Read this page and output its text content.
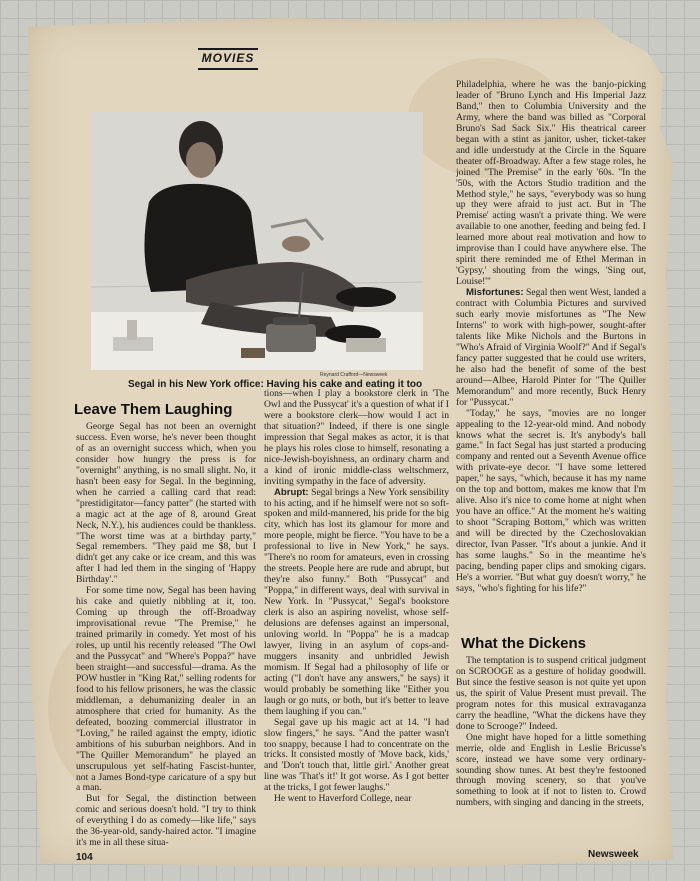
MOVIES
Reynard Crafford—Newsweek
Segal in his New York office: Having his cake and eating it too
Leave Them Laughing

George Segal has not been an overnight success. Even worse, he's never been thought of as an overnight success which, when you consider how hungry the press is for "overnight" anything, is no small slight. No, it hasn't been easy for Segal. In the beginning, when he carried a calling card that read: "prestidigitator—fancy patter" (he started with a magic act at the age of 8, around Great Neck, N.Y.), his audiences could be thankless. "The worst time was at a birthday party," Segal remembers. "They paid me $8, but I didn't get any cake or ice cream, and this was after I had led them in the singing of 'Happy Birthday'."

For some time now, Segal has been having his cake and quietly nibbling at it, too. Coming up through the off-Broadway improvisational revue "The Premise," he trained primarily in comedy. Yet most of his roles, up until his recently released "The Owl and the Pussycat" and "Where's Poppa?" have been straight—and successful—drama. As the POW hustler in "King Rat," selling rodents for food to his fellow prisoners, he was the classic middleman, a dehumanizing dealer in an atmosphere that cried for humanity. As the defeated, boozing commercial illustrator in "Loving," he railed against the empty, idiotic ambitions of his suburban neighbors. And in "The Quiller Memorandum" he played an unscrupulous yet self-hating Fascist-hunter, not a James Bond-type caricature of a spy but a man.

But for Segal, the distinction between comic and serious doesn't hold. "I try to think of everything I do as comedy—like life," says the 36-year-old, sandy-haired actor. "I imagine it's me in all these situa-

tions—when I play a bookstore clerk in 'The Owl and the Pussycat' it's a question of what if I were a bookstore clerk—how would I act in that situation?" Indeed, if there is one single impression that Segal makes as actor, it is that he plays his roles close to himself, resonating a nice-Jewish-boyishness, an ordinary charm and a kind of ironic middle-class weltschmerz, inviting sympathy in the face of adversity.

Abrupt: Segal brings a New York sensibility to his acting, and if he himself were not so soft-spoken and mild-mannered, his pride for the big city, which has lost its glamour for more and more people, might be fierce. "You have to be a professional to live in New York," he says. "There's no room for amateurs, even in crossing the streets. People here are rude and abrupt, but they're also funny." Both "Pussycat" and "Poppa," in different ways, deal with survival in New York. In "Pussycat," Segal's bookstore clerk is also an aspiring novelist, whose self-delusions are defenses against an impersonal, unloving world. In "Poppa" he is a madcap lawyer, living in an asylum of cops-and-muggers insanity and unbridled Jewish momism. If Segal had a philosophy of life or acting ("I don't have any answers," he says) it would probably be something like "Either you laugh or go nuts, or both, but it's better to leave them laughing if you can."

Segal gave up his magic act at 14. "I had slow fingers," he says. "And the patter wasn't too snappy, because I had to concentrate on the tricks. It consisted mostly of 'Move back, kids,' and 'Don't touch that, little girl.' Another great line was 'That's it!' It got worse. As I got better at the tricks, I got fewer laughs."

He went to Haverford College, near

Philadelphia, where he was the banjo-picking leader of "Bruno Lynch and His Imperial Jazz Band," then to Columbia University and the Army, where the band was billed as "Corporal Bruno's Sad Sack Six." His theatrical career began with a stint as janitor, usher, ticket-taker and idle understudy at the Circle in the Square theater off-Broadway. After a few stage roles, he joined "The Premise" in the early '60s. "In the '50s, with the Actors Studio tradition and the Method style," he says, "everybody was so hung up they were afraid to just act. But in 'The Premise' acting wasn't a private thing. We were available to one another, feeding and being fed. I learned more about real motivation and how to improvise than I could have anywhere else. The spirit there reminded me of Ethel Merman in 'Gypsy,' shouting from the wings, 'Sing out, Louise!'"

Misfortunes: Segal then went West, landed a contract with Columbia Pictures and survived such early movie misfortunes as "The New Interns" to work with high-power, sought-after talents like Mike Nichols and the Burtons in "Who's Afraid of Virginia Woolf?" And if Segal's fancy patter suggested that he could use writers, he also had the benefit of some of the best around—Albee, Harold Pinter for "The Quiller Memorandum" and more recently, Buck Henry for "Pussycat."

"Today," he says, "movies are no longer appealing to the 12-year-old mind. And nobody knows what the secret is. It's anybody's ball game." In fact Segal has just started a producing company and rented out a Seventh Avenue office with private-eye decor. "I have some lettered paper," he says, "which, because it has my name on the top and bottom, makes me know that I'm alive. Also it's nice to come home at night when you have an office." At the moment he's waiting to shoot "Scraping Bottom," which was written and will be directed by the Czechoslovakian director, Ivan Passer. "It's about a junkie. And it has some laughs." So in the meantime he's pacing, bending paper clips and smoking cigars. He's a worrier. "But what guy doesn't worry," he says, "who's fighting for his life?"

What the Dickens

The temptation is to suspend critical judgment on SCROOGE as a gesture of holiday goodwill. But since the festive season is not quite yet upon us, the spirit of Value Present must prevail. The program notes for this musical extravaganza carry the headline, "What the dickens have they done to Scrooge?" Indeed.

One might have hoped for a little something merrie, olde and English in Leslie Bricusse's score, instead we have some very ordinary-sounding show tunes. At best they're festooned through moving scenery, so that you've something to look at if not to listen to. Crowd numbers, with singing and dancing in the streets,

104	Newsweek
